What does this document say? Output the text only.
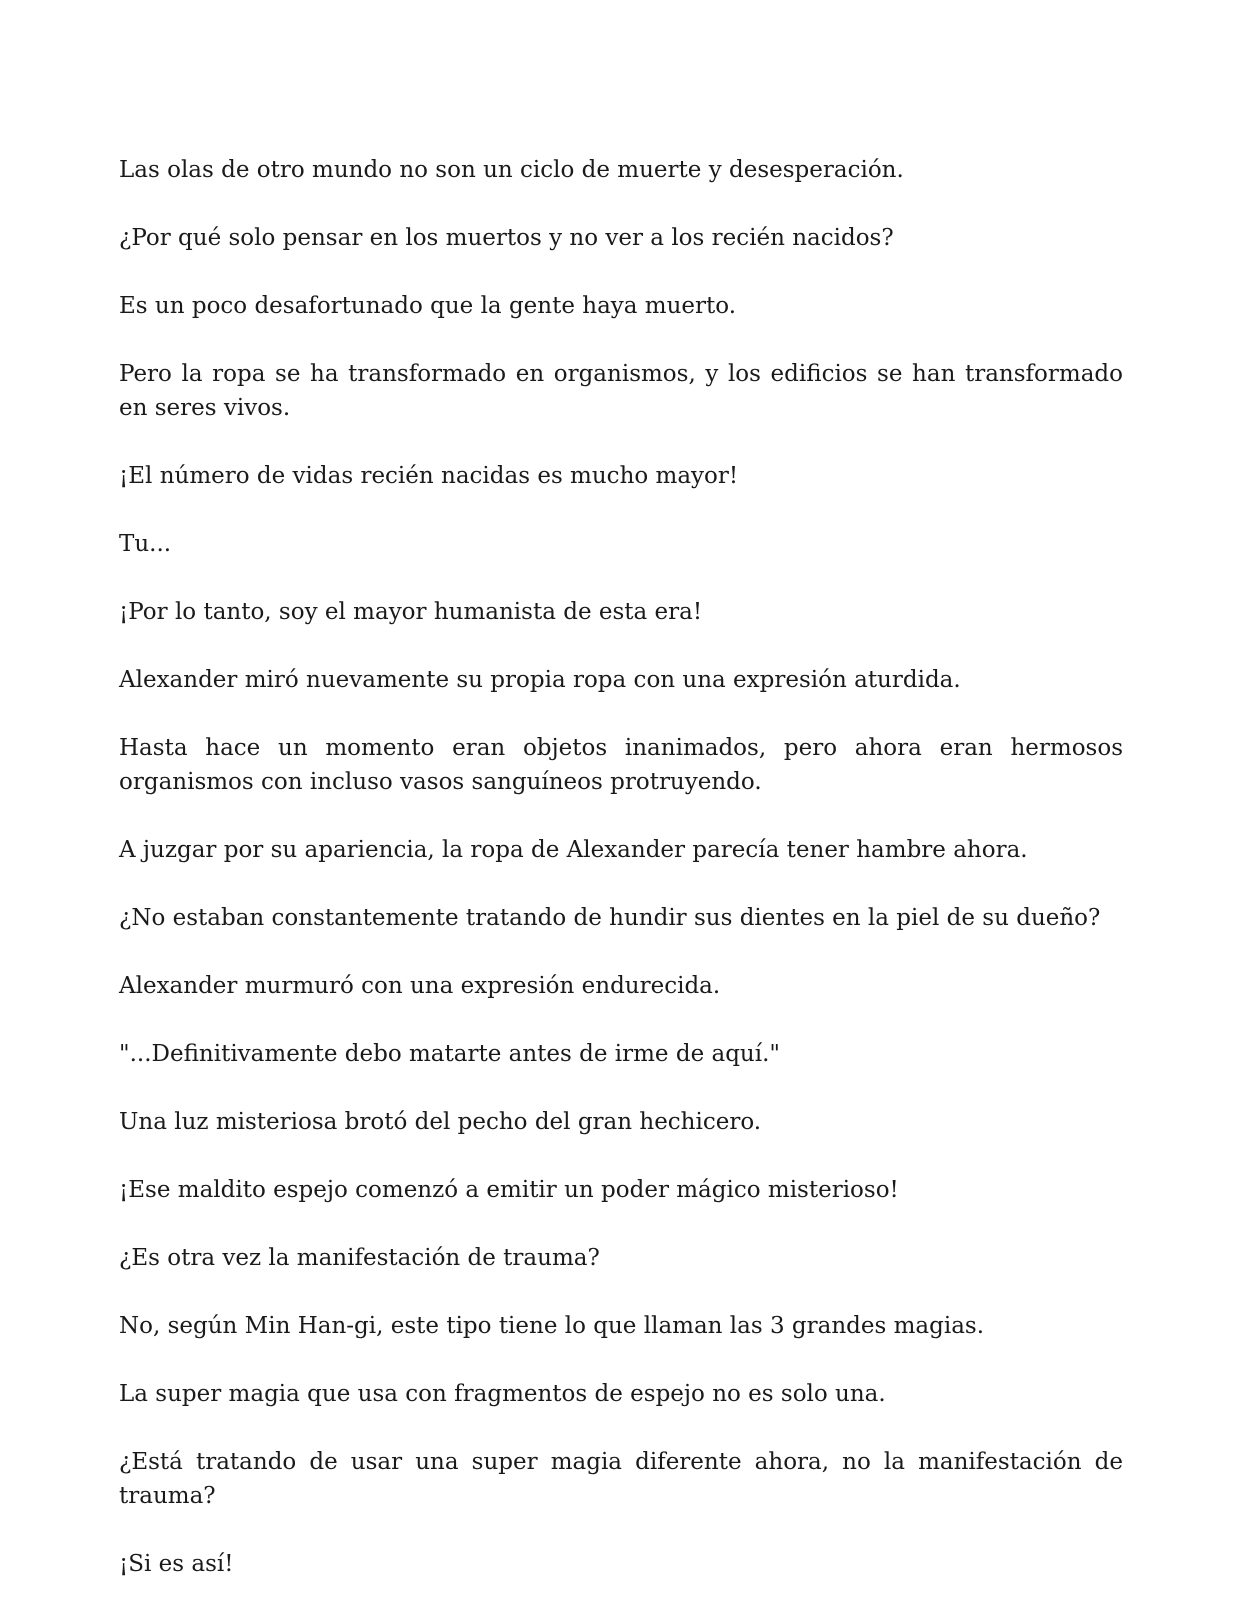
Las olas de otro mundo no son un ciclo de muerte y desesperación.

¿Por qué solo pensar en los muertos y no ver a los recién nacidos?

Es un poco desafortunado que la gente haya muerto.

Pero la ropa se ha transformado en organismos, y los edificios se han transformado en seres vivos.

¡El número de vidas recién nacidas es mucho mayor!

Tu...

¡Por lo tanto, soy el mayor humanista de esta era!

Alexander miró nuevamente su propia ropa con una expresión aturdida.

Hasta hace un momento eran objetos inanimados, pero ahora eran hermosos organismos con incluso vasos sanguíneos protruyendo.

A juzgar por su apariencia, la ropa de Alexander parecía tener hambre ahora.

¿No estaban constantemente tratando de hundir sus dientes en la piel de su dueño?

Alexander murmuró con una expresión endurecida.

"...Definitivamente debo matarte antes de irme de aquí."

Una luz misteriosa brotó del pecho del gran hechicero.

¡Ese maldito espejo comenzó a emitir un poder mágico misterioso!

¿Es otra vez la manifestación de trauma?

No, según Min Han-gi, este tipo tiene lo que llaman las 3 grandes magias.

La super magia que usa con fragmentos de espejo no es solo una.

¿Está tratando de usar una super magia diferente ahora, no la manifestación de trauma?

¡Si es así!
